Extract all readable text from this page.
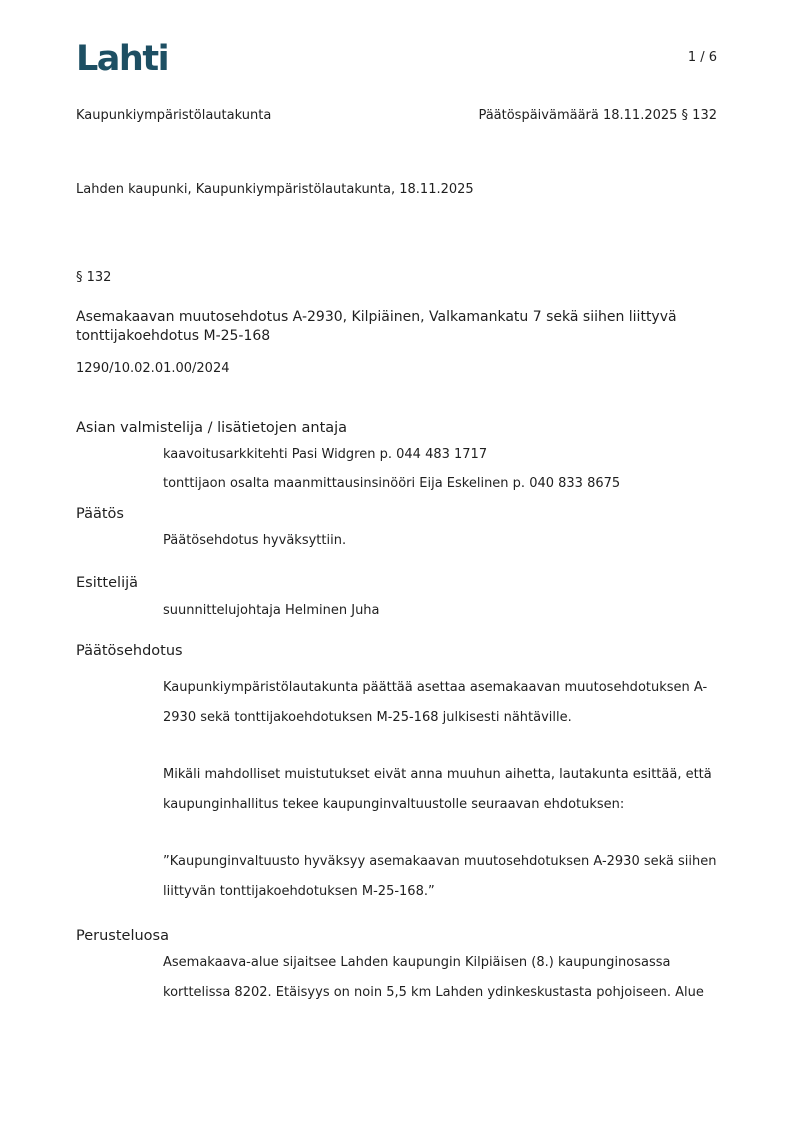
Lahti	1 / 6
Kaupunkiympäristölautakunta	Päätöspäivämäärä 18.11.2025 § 132
Lahden kaupunki, Kaupunkiympäristölautakunta, 18.11.2025
§ 132
Asemakaavan muutosehdotus A-2930, Kilpiäinen, Valkamankatu 7 sekä siihen liittyvä tonttijakoehdotus M-25-168
1290/10.02.01.00/2024
Asian valmistelija / lisätietojen antaja
kaavoitusarkkitehti Pasi Widgren p. 044 483 1717
tonttijaon osalta maanmittausinsinööri Eija Eskelinen p. 040 833 8675
Päätös
Päätösehdotus hyväksyttiin.
Esittelijä
suunnittelujohtaja Helminen Juha
Päätösehdotus
Kaupunkiympäristölautakunta päättää asettaa asemakaavan muutosehdotuksen A-2930 sekä tonttijakoehdotuksen M-25-168 julkisesti nähtäville.
Mikäli mahdolliset muistutukset eivät anna muuhun aihetta, lautakunta esittää, että kaupunginhallitus tekee kaupunginvaltuustolle seuraavan ehdotuksen:
”Kaupunginvaltuusto hyväksyy asemakaavan muutosehdotuksen A-2930 sekä siihen liittyvän tonttijakoehdotuksen M-25-168.”
Perusteluosa
Asemakaava-alue sijaitsee Lahden kaupungin Kilpiäisen (8.) kaupunginosassa korttelissa 8202. Etäisyys on noin 5,5 km Lahden ydinkeskustasta pohjoiseen. Alue
